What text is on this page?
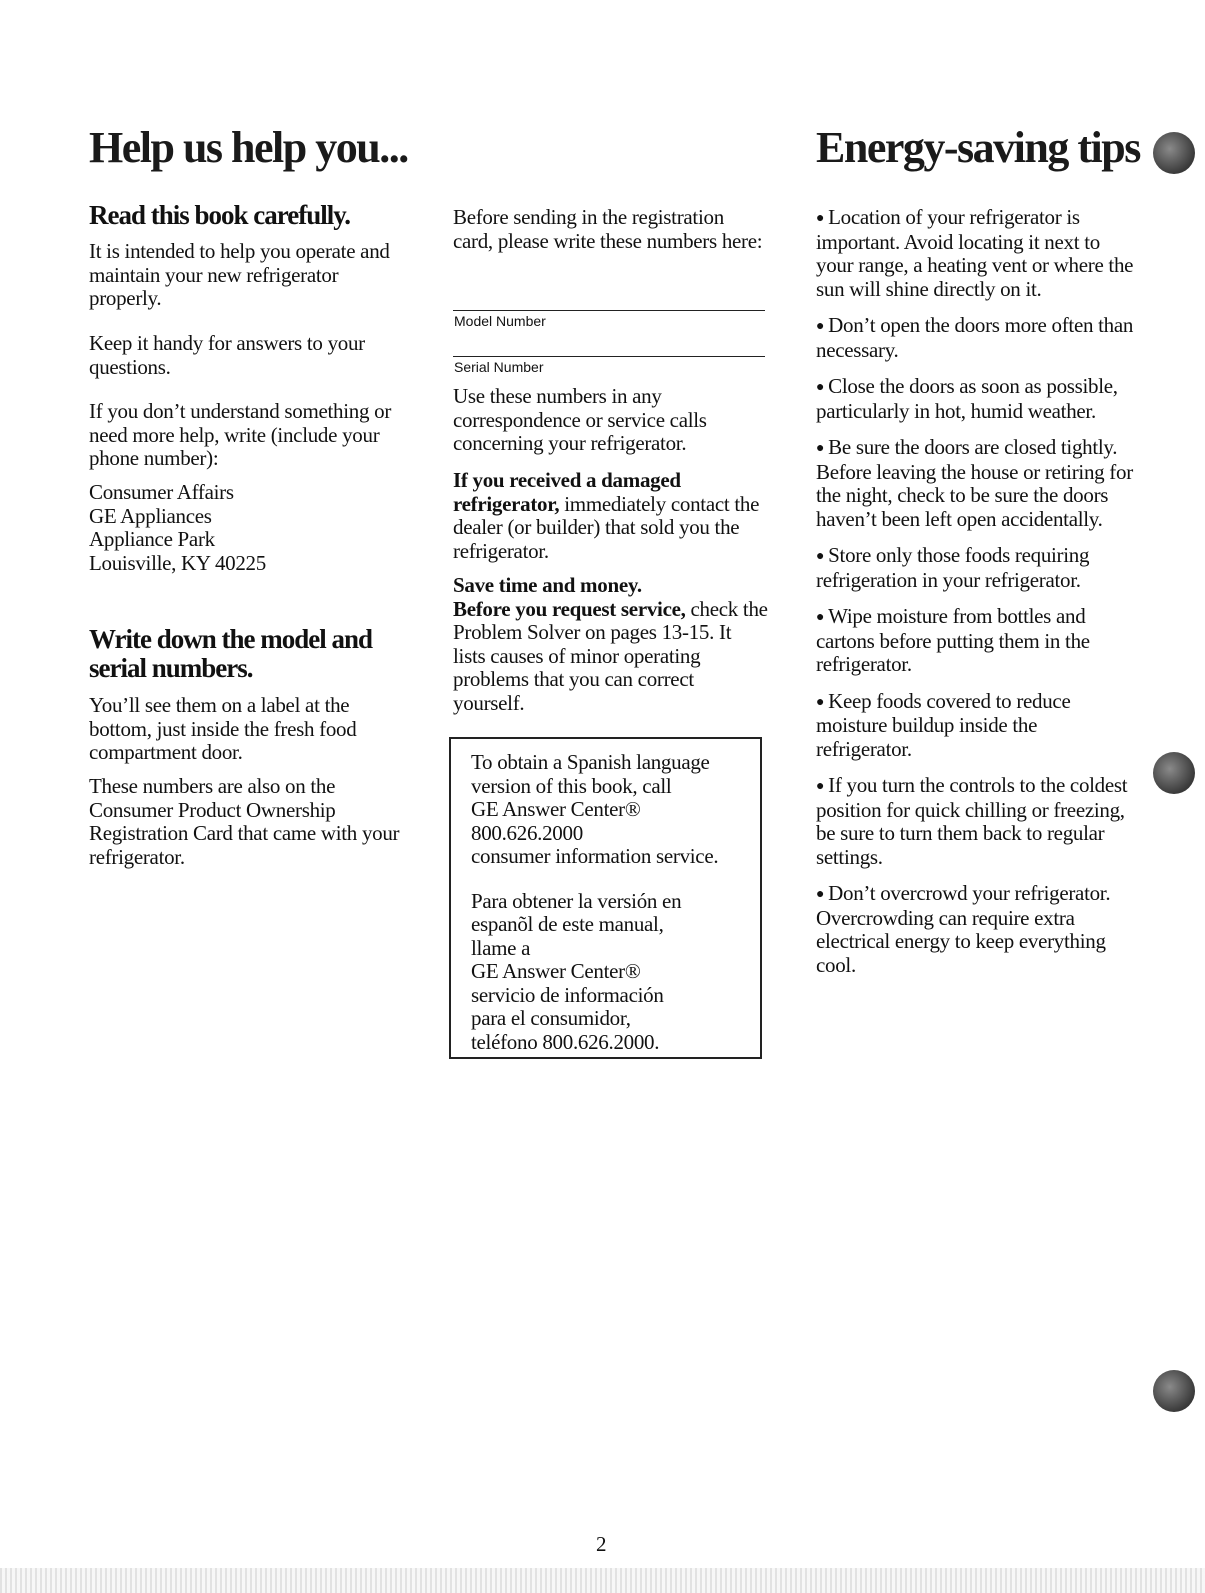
Help us help you...
Read this book carefully.

It is intended to help you operate and maintain your new refrigerator properly.

Keep it handy for answers to your questions.

If you don’t understand something or need more help, write (include your phone number):

Consumer Affairs

GE Appliances

Appliance Park

Louisville, KY 40225

Write down the model and serial numbers.

You’ll see them on a label at the bottom, just inside the fresh food compartment door.

These numbers are also on the Consumer Product Ownership Registration Card that came with your refrigerator.

Before sending in the registration card, please write these numbers here:

Model Number
Serial Number

Use these numbers in any correspondence or service calls concerning your refrigerator.

If you received a damaged refrigerator, immediately contact the dealer (or builder) that sold you the refrigerator.

Save time and money.

Before you request service, check the Problem Solver on pages 13-15. It lists causes of minor operating problems that you can correct yourself.

To obtain a Spanish language

version of this book, call

GE Answer Center®

800.626.2000

consumer information service.

Para obtener la versión en

espanõl de este manual,

llame a

GE Answer Center®

servicio de información

para el consumidor,

teléfono 800.626.2000.

Energy-saving tips

● Location of your refrigerator is important. Avoid locating it next to your range, a heating vent or where the sun will shine directly on it.

● Don’t open the doors more often than necessary.

● Close the doors as soon as possible, particularly in hot, humid weather.

● Be sure the doors are closed tightly. Before leaving the house or retiring for the night, check to be sure the doors haven’t been left open accidentally.

● Store only those foods requiring refrigeration in your refrigerator.

● Wipe moisture from bottles and cartons before putting them in the refrigerator.

● Keep foods covered to reduce moisture buildup inside the refrigerator.

● If you turn the controls to the coldest position for quick chilling or freezing, be sure to turn them back to regular settings.

● Don’t overcrowd your refrigerator. Overcrowding can require extra electrical energy to keep everything cool.

2
